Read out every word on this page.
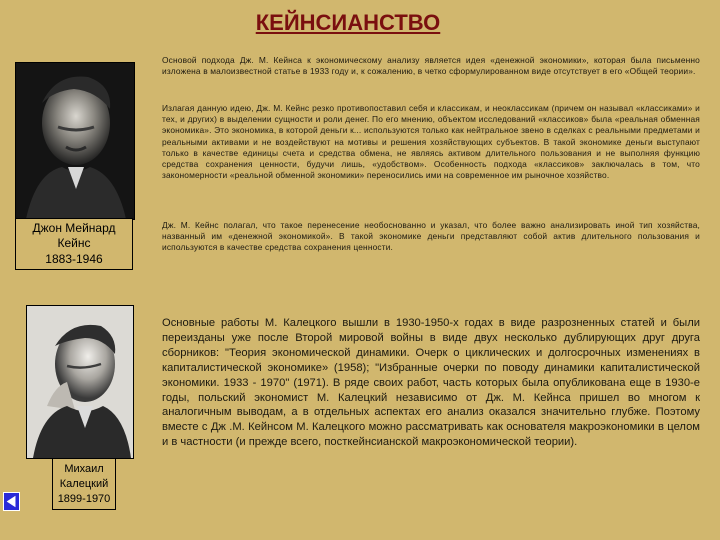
КЕЙНСИАНСТВО
Джон Мейнард
Кейнс
1883-1946
Основой подхода Дж. М. Кейнса к экономическому анализу является идея «денежной экономики», которая была письменно изложена в малоизвестной статье в 1933 году и, к сожалению, в четко сформулированном виде отсутствует в его «Общей теории».
Излагая данную идею, Дж. М. Кейнс резко противопоставил себя и классикам, и неоклассикам (причем он называл «классиками» и тех, и других) в выделении сущности и роли денег. По его мнению, объектом исследований «классиков» была «реальная обменная экономика». Это экономика, в которой деньги к... используются только как нейтральное звено в сделках с реальными предметами и реальными активами и не воздействуют на мотивы и решения хозяйствующих субъектов. В такой экономике деньги выступают только в качестве единицы счета и средства обмена, не являясь активом длительного пользования и не выполняя функцию средства сохранения ценности, будучи лишь, «удобством». Особенность подхода «классиков» заключалась в том, что закономерности «реальной обменной экономики» переносились ими на современное им рыночное хозяйство.
Дж. М. Кейнс полагал, что такое перенесение необоснованно и указал, что более важно анализировать иной тип хозяйства, названный им «денежной экономикой». В такой экономике деньги представляют собой актив длительного пользования и используются в качестве средства сохранения ценности.
Михаил
Калецкий
1899-1970
Основные работы М. Калецкого вышли в 1930-1950-х годах в виде разрозненных статей и были переизданы уже после Второй мировой войны в виде двух несколько дублирующих друг друга сборников: "Теория экономической динамики. Очерк о циклических и долгосрочных изменениях в капиталистической экономике» (1958); "Избранные очерки по поводу динамики капиталистической экономики. 1933 - 1970" (1971). В ряде своих работ, часть которых была опубликована еще в 1930-е годы, польский экономист М. Калецкий независимо от Дж. М. Кейнса пришел во многом к аналогичным выводам, а в отдельных аспектах его анализ оказался значительно глубже. Поэтому вместе с Дж .М. Кейнсом М. Калецкого можно рассматривать как основателя макроэкономики в целом и в частности (и прежде всего, посткейнсианской макроэкономической теории).
